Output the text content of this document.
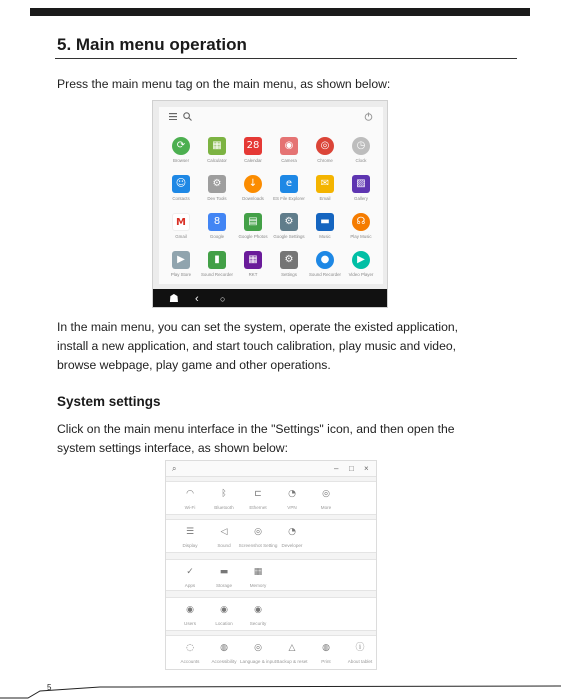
5. Main menu operation
Press the main menu tag on the main menu, as shown below:
⟳
Browser
▦
Calculator
28
Calendar
◉
Camera
◎
Chrome
◷
Clock
☺
Contacts
⚙
Dev Tools
↓
Downloads
e
ES File Explorer
✉
Email
▨
Gallery
M
Gmail
8
Google
▤
Google Photos
⚙
Google Settings
▬
Music
☊
Play Music
▶
Play Store
▮
Sound Recorder
▦
RKT
⚙
Settings
●
Sound Recorder
▶
Video Player
☗ ‹ ○
In the main menu, you can set the system, operate the existed application,
install a new application, and start touch calibration, play music and video,
browse webpage, play game and other operations.
System settings
Click on the main menu interface in the "Settings" icon, and then open the
system settings interface, as shown below:
⌕	– □ ×
◠
Wi-Fi
ᛒ
Bluetooth
⊏
Ethernet
◔
VPN
◎
More
☰
Display
◁
Sound
◎
Screenshot Setting
◔
Developer
✓
Apps
▬
Storage
▦
Memory
◉
Users
◉
Location
◉
Security
◌
Accounts
◍
Accessibility
◎
Language & input
△
Backup & reset
◍
Print
ⓘ
About tablet
5
